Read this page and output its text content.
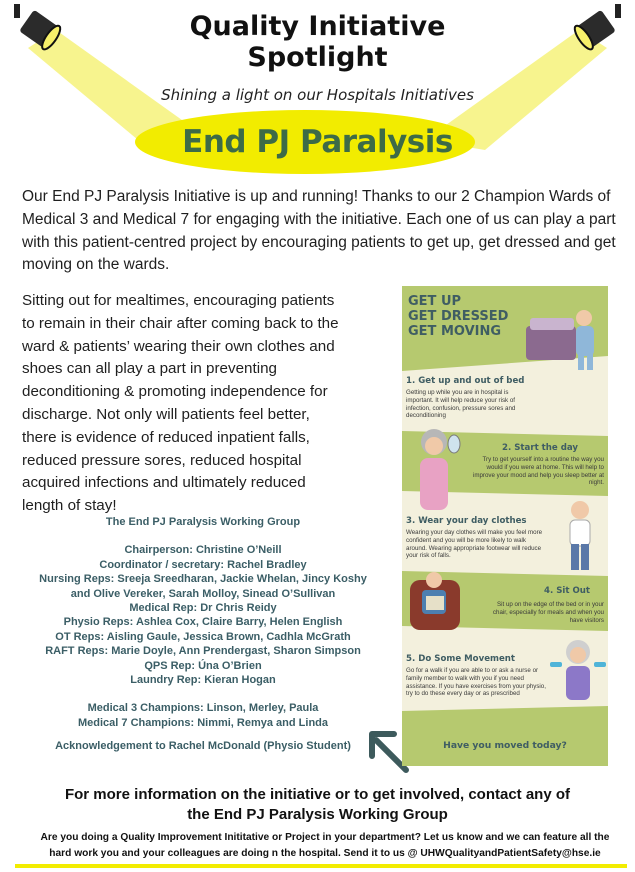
Quality Initiative
Spotlight
Shining a light on our Hospitals Initiatives
End PJ Paralysis
Our End PJ Paralysis Initiative is up and running! Thanks to our 2 Champion Wards of Medical 3 and Medical 7 for engaging with the initiative. Each one of us can play a part with this patient-centred project by encouraging patients to get up, get dressed and get moving on the wards.
Sitting out for mealtimes, encouraging patients
to remain in their chair after coming back to the
ward & patients’ wearing their own clothes and
shoes can all play a part in preventing
deconditioning & promoting independence for
discharge. Not only will patients feel better,
there is evidence of reduced inpatient falls,
reduced pressure sores, reduced hospital
acquired infections and ultimately reduced
length of stay!
The End PJ Paralysis Working Group
Chairperson: Christine O’Neill
Coordinator / secretary: Rachel Bradley
Nursing Reps: Sreeja Sreedharan, Jackie Whelan, Jincy Koshy
and Olive Vereker, Sarah Molloy, Sinead O’Sullivan
Medical Rep: Dr Chris Reidy
Physio Reps: Ashlea Cox, Claire Barry, Helen English
OT Reps: Aisling Gaule, Jessica Brown, Cadhla McGrath
RAFT Reps: Marie Doyle, Ann Prendergast, Sharon Simpson
QPS Rep: Úna O’Brien
Laundry Rep: Kieran Hogan
Medical 3 Champions: Linson, Merley, Paula
Medical 7 Champions: Nimmi, Remya and Linda
Acknowledgement to Rachel McDonald (Physio Student)
GET UP
GET DRESSED
GET MOVING
1. Get up and out of bed
Getting up while you are in hospital is important. It will help reduce your risk of infection, confusion, pressure sores and deconditioning
2. Start the day
Try to get yourself into a routine the way you would if you were at home. This will help to improve your mood and help you sleep better at night.
3. Wear your day clothes
Wearing your day clothes will make you feel more confident and you will be more likely to walk around. Wearing appropriate footwear will reduce your risk of falls.
4. Sit Out
Sit up on the edge of the bed or in your chair, especially for meals and when you have visitors
5. Do Some Movement
Go for a walk if you are able to or ask a nurse or family member to walk with you if you need assistance. If you have exercises from your physio, try to do these every day or as prescribed
Have you moved today?
For more information on the initiative or to get involved, contact any of
the End PJ Paralysis Working Group
Are you doing a Quality Improvement Inititative or Project in your department? Let us know and we can feature all the
hard work you and your colleagues are doing n the hospital. Send it to us @ UHWQualityandPatientSafety@hse.ie
